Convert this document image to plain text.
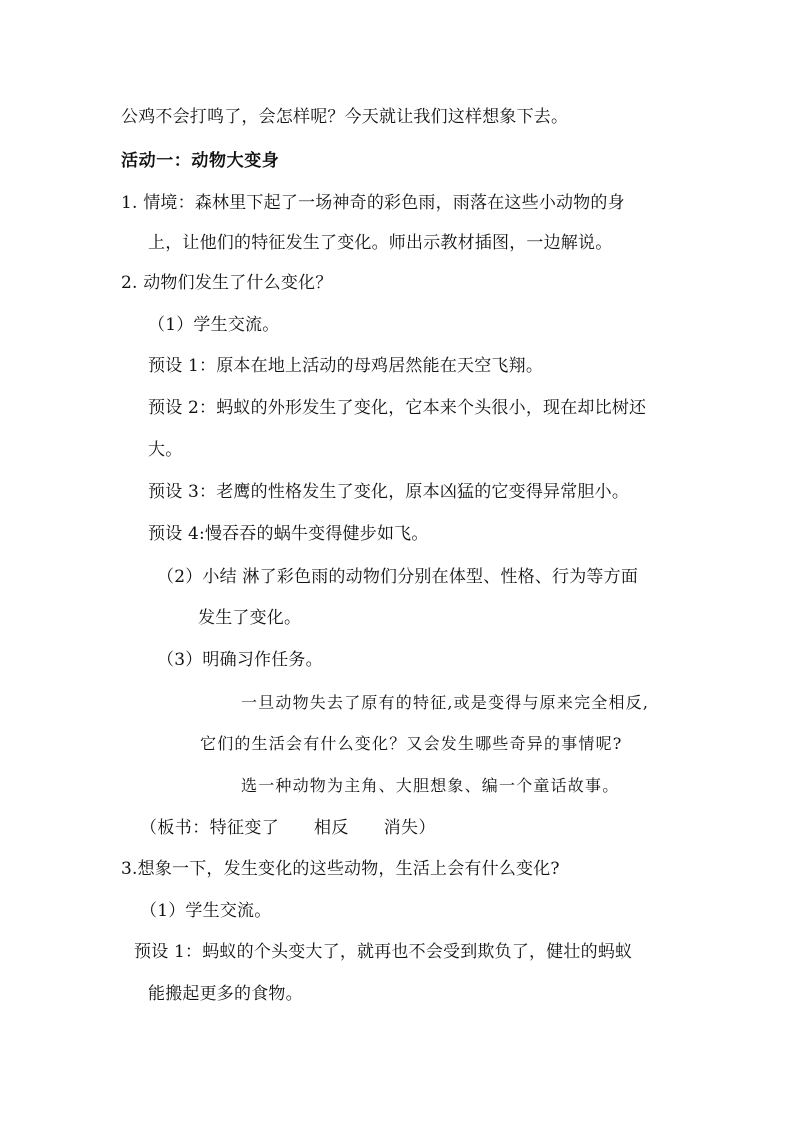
公鸡不会打鸣了，会怎样呢？今天就让我们这样想象下去。
活动一：动物大变身
1. 情境：森林里下起了一场神奇的彩色雨，雨落在这些小动物的身
上，让他们的特征发生了变化。师出示教材插图，一边解说。
2. 动物们发生了什么变化？
（1）学生交流。
预设 1：原本在地上活动的母鸡居然能在天空飞翔。
预设 2：蚂蚁的外形发生了变化，它本来个头很小，现在却比树还
大。
预设 3：老鹰的性格发生了变化，原本凶猛的它变得异常胆小。
预设 4:慢吞吞的蜗牛变得健步如飞。
（2）小结 淋了彩色雨的动物们分别在体型、性格、行为等方面
发生了变化。
（3）明确习作任务。
一旦动物失去了原有的特征,或是变得与原来完全相反,
它们的生活会有什么变化？又会发生哪些奇异的事情呢?
选一种动物为主角、大胆想象、编一个童话故事。
（板书：特征变了　　相反　　消失）
3.想象一下，发生变化的这些动物，生活上会有什么变化?
（1）学生交流。
预设 1：蚂蚁的个头变大了，就再也不会受到欺负了，健壮的蚂蚁
能搬起更多的食物。
